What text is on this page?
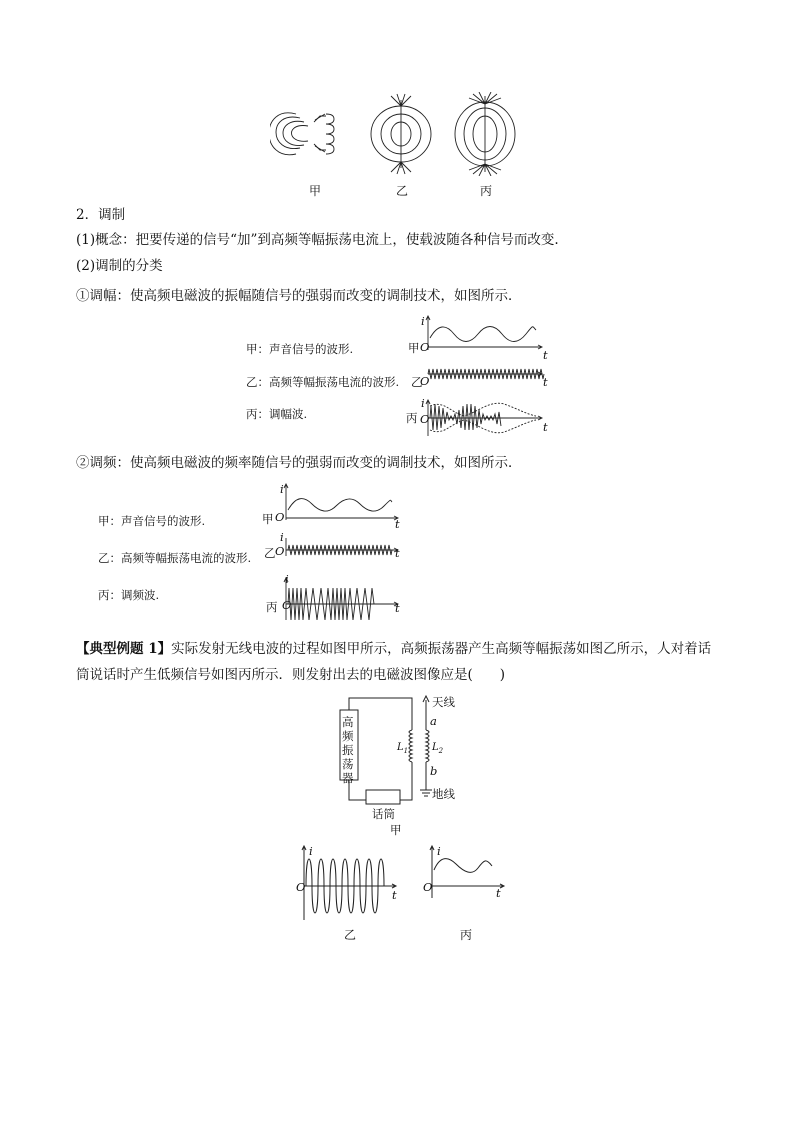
甲	乙	丙
2．调制
(1)概念：把要传递的信号“加”到高频等幅振荡电流上，使载波随各种信号而改变.
(2)调制的分类
①调幅：使高频电磁波的振幅随信号的强弱而改变的调制技术，如图所示．
甲：声音信号的波形.
乙：高频等幅振荡电流的波形.
丙：调幅波.
甲
乙
丙
i
O
t
O	t
i
O
t
②调频：使高频电磁波的频率随信号的强弱而改变的调制技术，如图所示．
甲：声音信号的波形.
乙：高频等幅振荡电流的波形.
丙：调频波.
甲
乙
丙
i
O	t
i
O	t
i
O	t
【典型例题 1】实际发射无线电波的过程如图甲所示，高频振荡器产生高频等幅振荡如图乙所示，人对着话
筒说话时产生低频信号如图丙所示．则发射出去的电磁波图像应是(　　)
高
频
振
荡
器
天线
a
b
$L_1$ $L_2$
地线
话筒
甲
i
O
t
i
O	t
乙	丙
